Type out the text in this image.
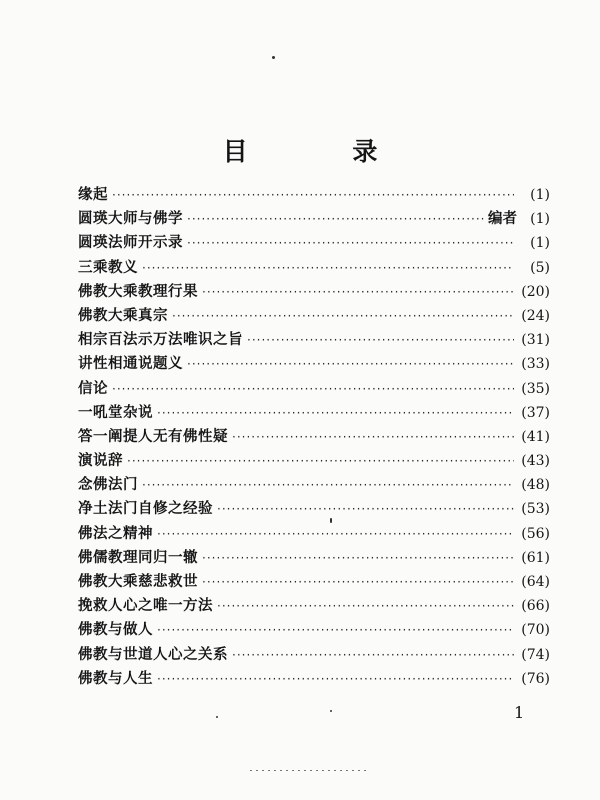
目 录
缘起 ·····	(1)
圆瑛大师与佛学 ·····	编者 (1)
圆瑛法师开示录 ·····	(1)
三乘教义 ·····	(5)
佛教大乘教理行果 ·····	(20)
佛教大乘真宗 ·····	(24)
相宗百法示万法唯识之旨 ·····	(31)
讲性相通说题义 ·····	(33)
信论 ·····	(35)
一吼堂杂说 ·····	(37)
答一阐提人无有佛性疑 ·····	(41)
演说辞 ·····	(43)
念佛法门 ·····	(48)
净土法门自修之经验 ·····	(53)
佛法之精神 ·····	(56)
佛儒教理同归一辙 ·····	(61)
佛教大乘慈悲救世 ·····	(64)
挽救人心之唯一方法 ·····	(66)
佛教与做人 ·····	(70)
佛教与世道人心之关系 ·····	(74)
佛教与人生 ·····	(76)
1
